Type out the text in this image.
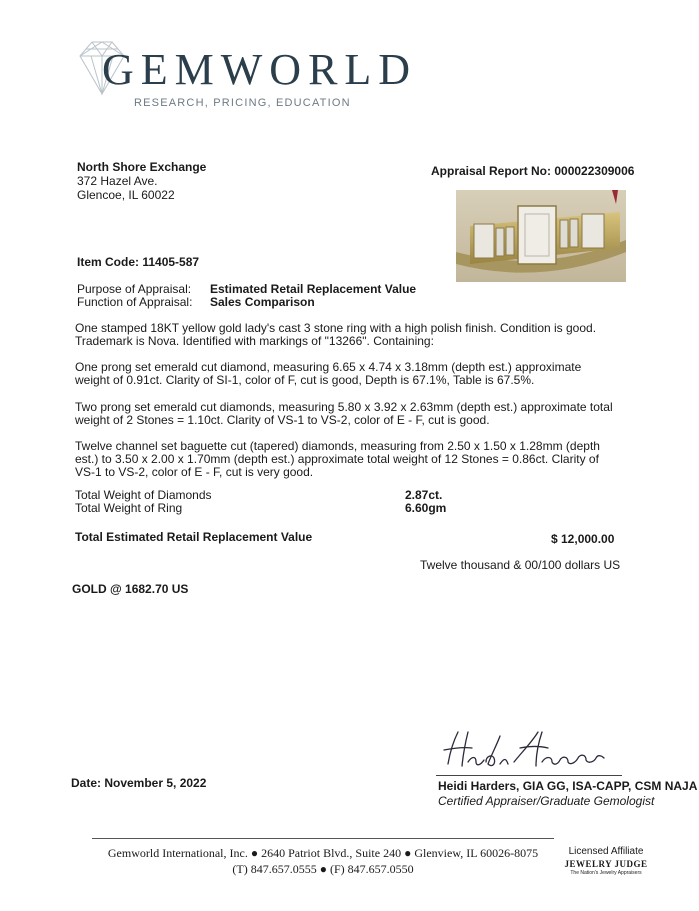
GEMWORLD
RESEARCH, PRICING, EDUCATION
North Shore Exchange
372 Hazel Ave.
Glencoe, IL 60022
Appraisal Report No: 000022309006
Item Code: 11405-587
Purpose of Appraisal: Estimated Retail Replacement Value
Function of Appraisal: Sales Comparison
One stamped 18KT yellow gold lady's cast 3 stone ring with a high polish finish. Condition is good. Trademark is Nova. Identified with markings of "13266". Containing:
One prong set emerald cut diamond, measuring 6.65 x 4.74 x 3.18mm (depth est.) approximate weight of 0.91ct. Clarity of SI-1, color of F, cut is good, Depth is 67.1%, Table is 67.5%.
Two prong set emerald cut diamonds, measuring 5.80 x 3.92 x 2.63mm (depth est.) approximate total weight of 2 Stones = 1.10ct. Clarity of VS-1 to VS-2, color of E - F, cut is good.
Twelve channel set baguette cut (tapered) diamonds, measuring from 2.50 x 1.50 x 1.28mm (depth est.) to 3.50 x 2.00 x 1.70mm (depth est.) approximate total weight of 12 Stones = 0.86ct. Clarity of VS-1 to VS-2, color of E - F, cut is very good.
Total Weight of Diamonds	2.87ct.
Total Weight of Ring	6.60gm
Total Estimated Retail Replacement Value	$ 12,000.00
Twelve thousand & 00/100 dollars US
GOLD @ 1682.70 US
Heidi Harders, GIA GG, ISA-CAPP, CSM NAJA
Certified Appraiser/Graduate Gemologist
Date: November 5, 2022
Gemworld International, Inc. ● 2640 Patriot Blvd., Suite 240 ● Glenview, IL 60026-8075
(T) 847.657.0555 ● (F) 847.657.0550
Licensed Affiliate
JEWELRY JUDGE
The Nation's Jewelry Appraisers
